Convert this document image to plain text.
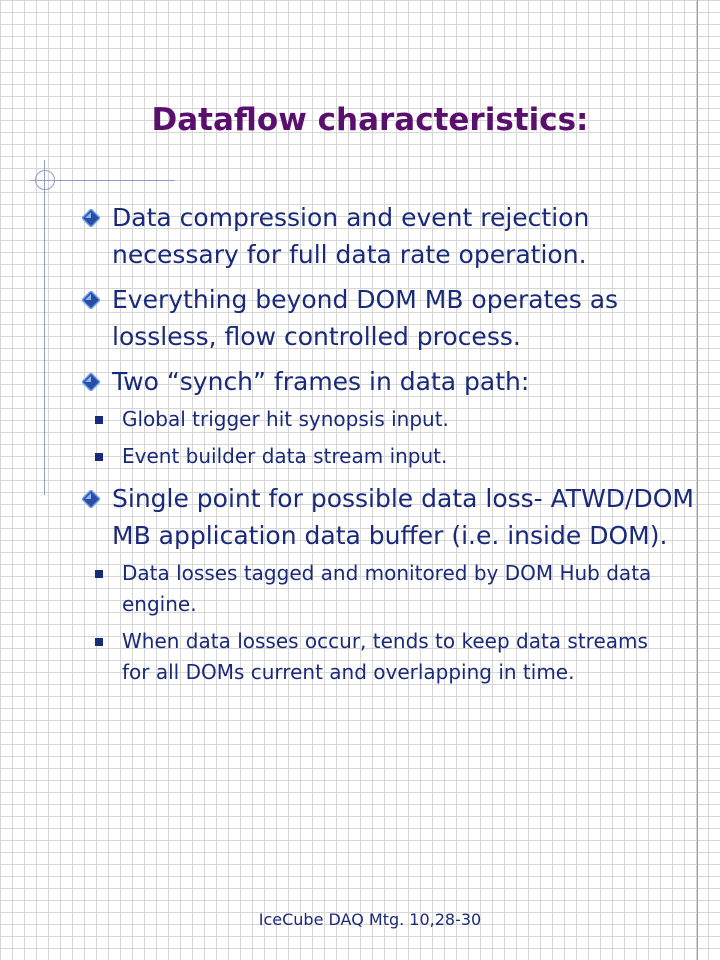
Dataflow characteristics:
Data compression and event rejection necessary for full data rate operation.
Everything beyond DOM MB operates as lossless, flow controlled process.
Two “synch” frames in data path:
Global trigger hit synopsis input.
Event builder data stream input.
Single point for possible data loss- ATWD/DOM MB application data buffer (i.e. inside DOM).
Data losses tagged and monitored by DOM Hub data engine.
When data losses occur, tends to keep data streams for all DOMs current and overlapping in time.
IceCube DAQ Mtg. 10,28-30
